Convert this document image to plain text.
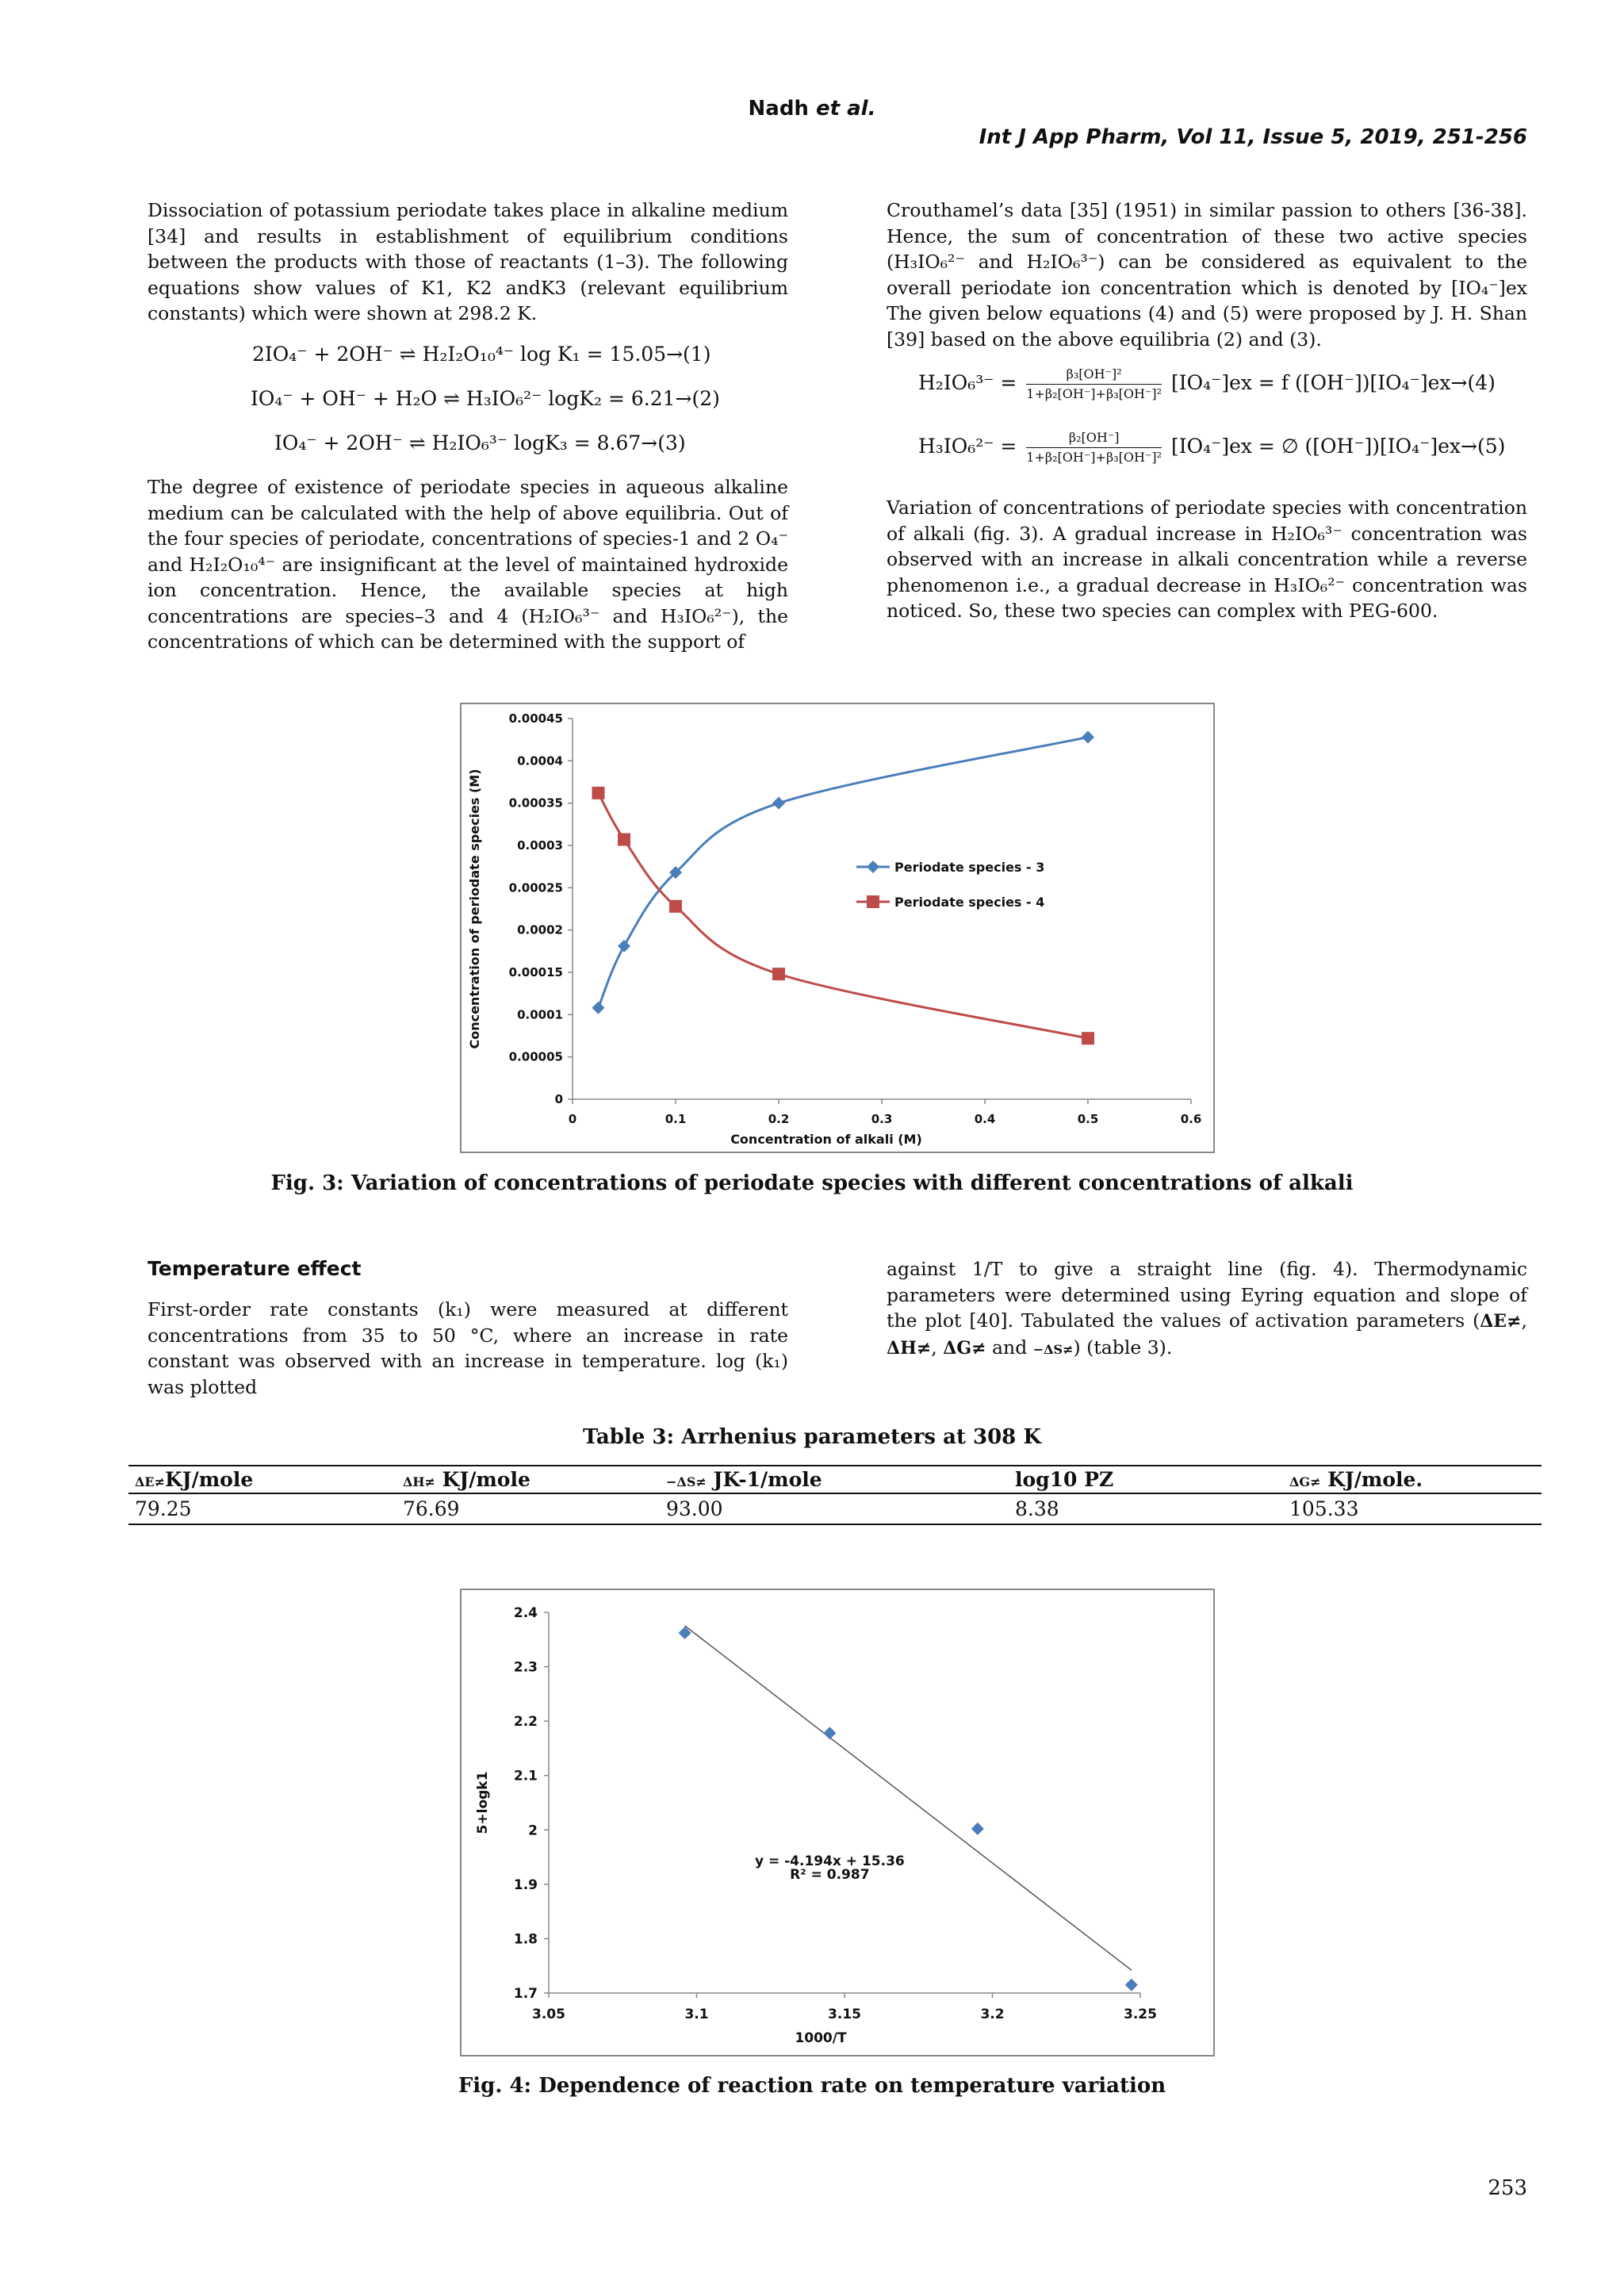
Nadh et al.
Int J App Pharm, Vol 11, Issue 5, 2019, 251-256

Dissociation of potassium periodate takes place in alkaline medium [34] and results in establishment of equilibrium conditions between the products with those of reactants (1–3). The following equations show values of K1, K2 andK3 (relevant equilibrium constants) which were shown at 298.2 K.

2IO₄⁻ + 2OH⁻ ⇌ H₂I₂O₁₀⁴⁻ log K₁ = 15.05→(1)
IO₄⁻ + OH⁻ + H₂O ⇌ H₃IO₆²⁻ logK₂ = 6.21→(2)
IO₄⁻ + 2OH⁻ ⇌ H₂IO₆³⁻ logK₃ = 8.67→(3)

The degree of existence of periodate species in aqueous alkaline medium can be calculated with the help of above equilibria. Out of the four species of periodate, concentrations of species-1 and 2 O₄⁻ and H₂I₂O₁₀⁴⁻ are insignificant at the level of maintained hydroxide ion concentration. Hence, the available species at high concentrations are species–3 and 4 (H₂IO₆³⁻ and H₃IO₆²⁻), the concentrations of which can be determined with the support of

Crouthamel’s data [35] (1951) in similar passion to others [36-38]. Hence, the sum of concentration of these two active species (H₃IO₆²⁻ and H₂IO₆³⁻) can be considered as equivalent to the overall periodate ion concentration which is denoted by [IO₄⁻]ex The given below equations (4) and (5) were proposed by J. H. Shan [39] based on the above equilibria (2) and (3).

$H_2IO_6^{3-} = \frac{\text{β₃[OH⁻]²}}{\text{1+β₂[OH⁻]+β₃[OH⁻]²}} [IO_4^-]ex = f$ ([OH⁻])[IO₄⁻]ex→(4)
$H_3IO_6^{2-} = \frac{\text{β₂[OH⁻]}}{\text{1+β₂[OH⁻]+β₃[OH⁻]²}} [IO_4^-]ex$ = ∅ ([OH⁻])[IO₄⁻]ex→(5)

Variation of concentrations of periodate species with concentration of alkali (fig. 3). A gradual increase in H₂IO₆³⁻ concentration was observed with an increase in alkali concentration while a reverse phenomenon i.e., a gradual decrease in H₃IO₆²⁻ concentration was noticed. So, these two species can complex with PEG-600.

0
0.00005
0.0001
0.00015
0.0002
0.00025
0.0003
0.00035
0.0004
0.00045
0	0.1	0.2	0.3	0.4	0.5	0.6
Concentration of alkali (M)
Concentration of periodate species (M)	Periodate species - 3
Periodate species - 4
Fig. 3: Variation of concentrations of periodate species with different concentrations of alkali
Temperature effect

First-order rate constants (k₁) were measured at different concentrations from 35 to 50 °C, where an increase in rate constant was observed with an increase in temperature. log (k₁) was plotted

against 1/T to give a straight line (fig. 4). Thermodynamic parameters were determined using Eyring equation and slope of the plot [40]. Tabulated the values of activation parameters (ΔE≠, ΔH≠, ΔG≠ and −ΔS≠) (table 3).

Table 3: Arrhenius parameters at 308 K
ΔE≠KJ/mole	ΔH≠ KJ/mole	−ΔS≠ JK-1/mole	log10 PZ	ΔG≠ KJ/mole.
79.25	76.69	93.00	8.38	105.33
1.7
1.8
1.9
2
2.1
2.2
2.3
2.4
3.05	3.1	3.15	3.2	3.25
1000/T
5+logk1
y = -4.194x + 15.36
R² = 0.987
Fig. 4: Dependence of reaction rate on temperature variation
253
